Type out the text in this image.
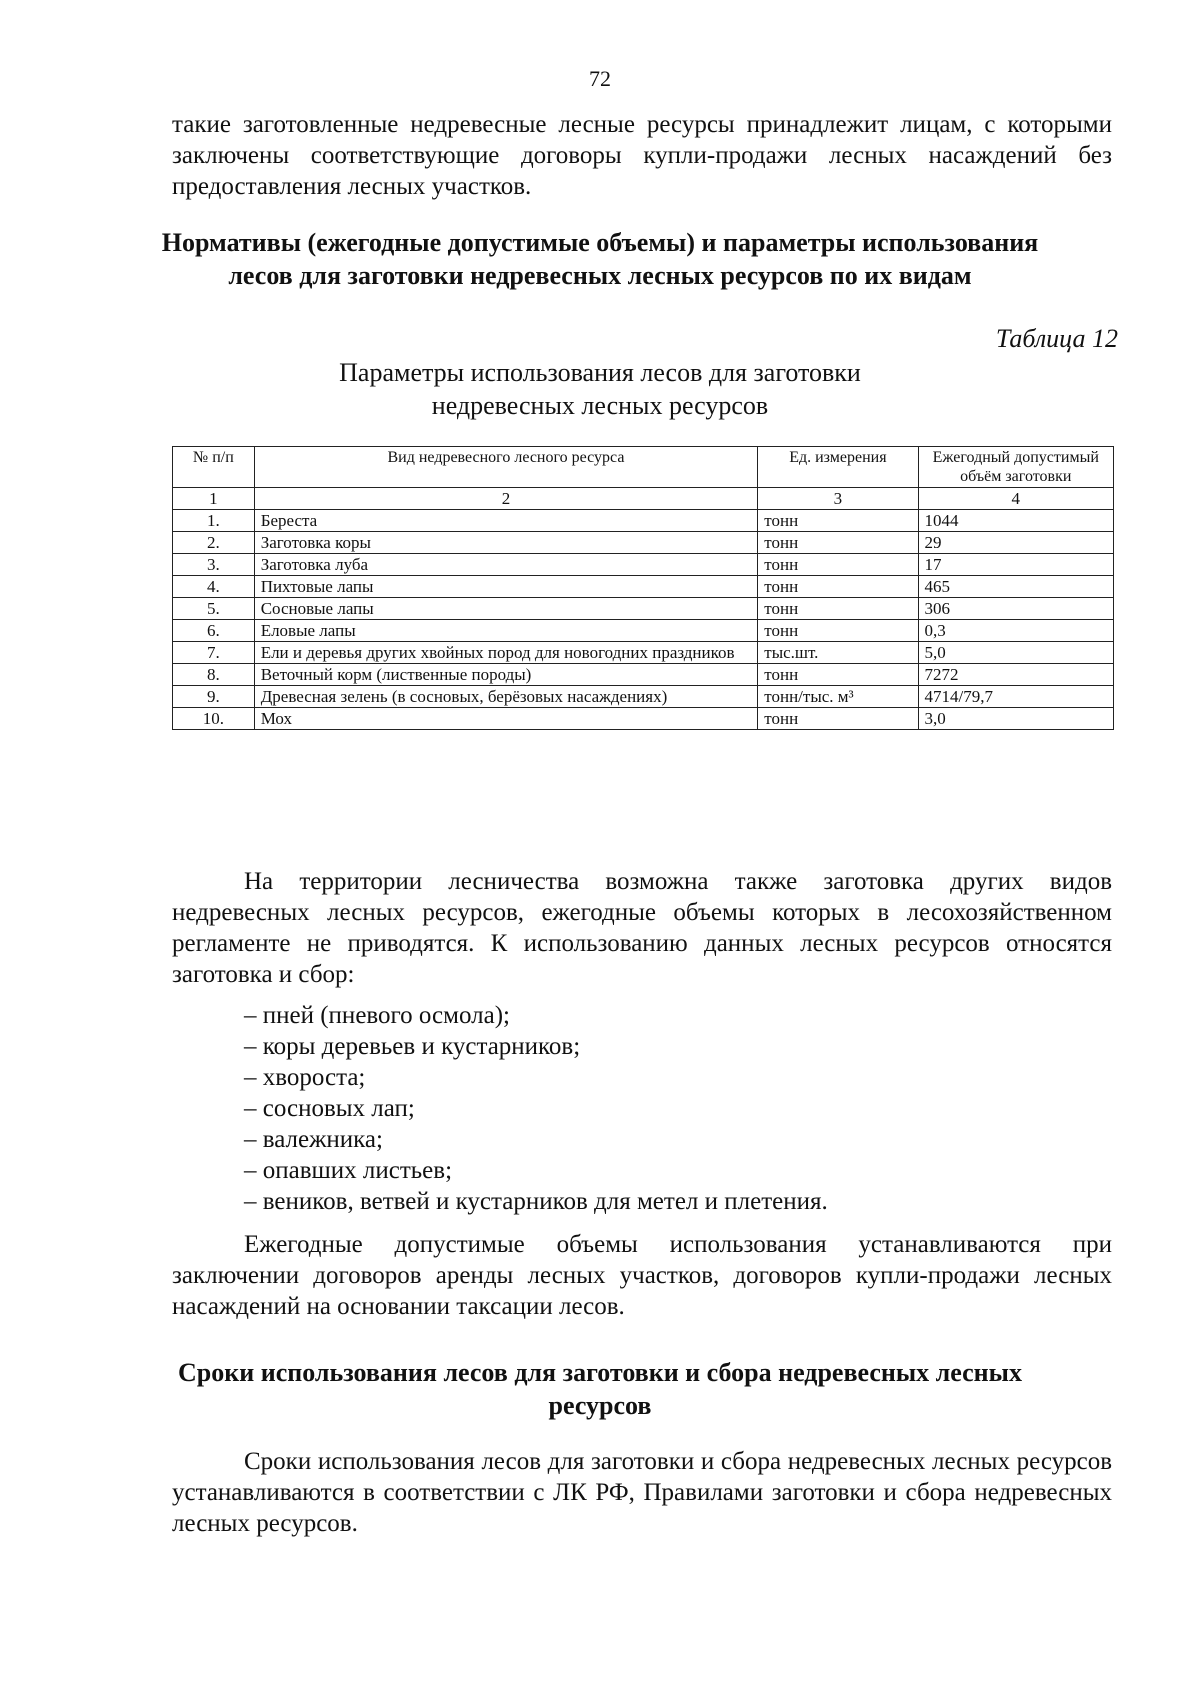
72
такие заготовленные недревесные лесные ресурсы принадлежит лицам, с которыми заключены соответствующие договоры купли-продажи лесных насаждений без предоставления лесных участков.
Нормативы (ежегодные допустимые объемы) и параметры использования лесов для заготовки недревесных лесных ресурсов по их видам
Таблица 12
Параметры использования лесов для заготовки недревесных лесных ресурсов
№ п/п	Вид недревесного лесного ресурса	Ед. измерения	Ежегодный допустимый объём заготовки
1	2	3	4
1.	Береста	тонн	1044
2.	Заготовка коры	тонн	29
3.	Заготовка луба	тонн	17
4.	Пихтовые лапы	тонн	465
5.	Сосновые лапы	тонн	306
6.	Еловые лапы	тонн	0,3
7.	Ели и деревья других хвойных пород для новогодних праздников	тыс.шт.	5,0
8.	Веточный корм (лиственные породы)	тонн	7272
9.	Древесная зелень (в сосновых, берёзовых насаждениях)	тонн/тыс. м³	4714/79,7
10.	Мох	тонн	3,0
На территории лесничества возможна также заготовка других видов недревесных лесных ресурсов, ежегодные объемы которых в лесохозяйственном регламенте не приводятся. К использованию данных лесных ресурсов относятся заготовка и сбор:
– пней (пневого осмола);
– коры деревьев и кустарников;
– хвороста;
– сосновых лап;
– валежника;
– опавших листьев;
– веников, ветвей и кустарников для метел и плетения.
Ежегодные допустимые объемы использования устанавливаются при заключении договоров аренды лесных участков, договоров купли-продажи лесных насаждений на основании таксации лесов.
Сроки использования лесов для заготовки и сбора недревесных лесных ресурсов
Сроки использования лесов для заготовки и сбора недревесных лесных ресурсов устанавливаются в соответствии с ЛК РФ, Правилами заготовки и сбора недревесных лесных ресурсов.
